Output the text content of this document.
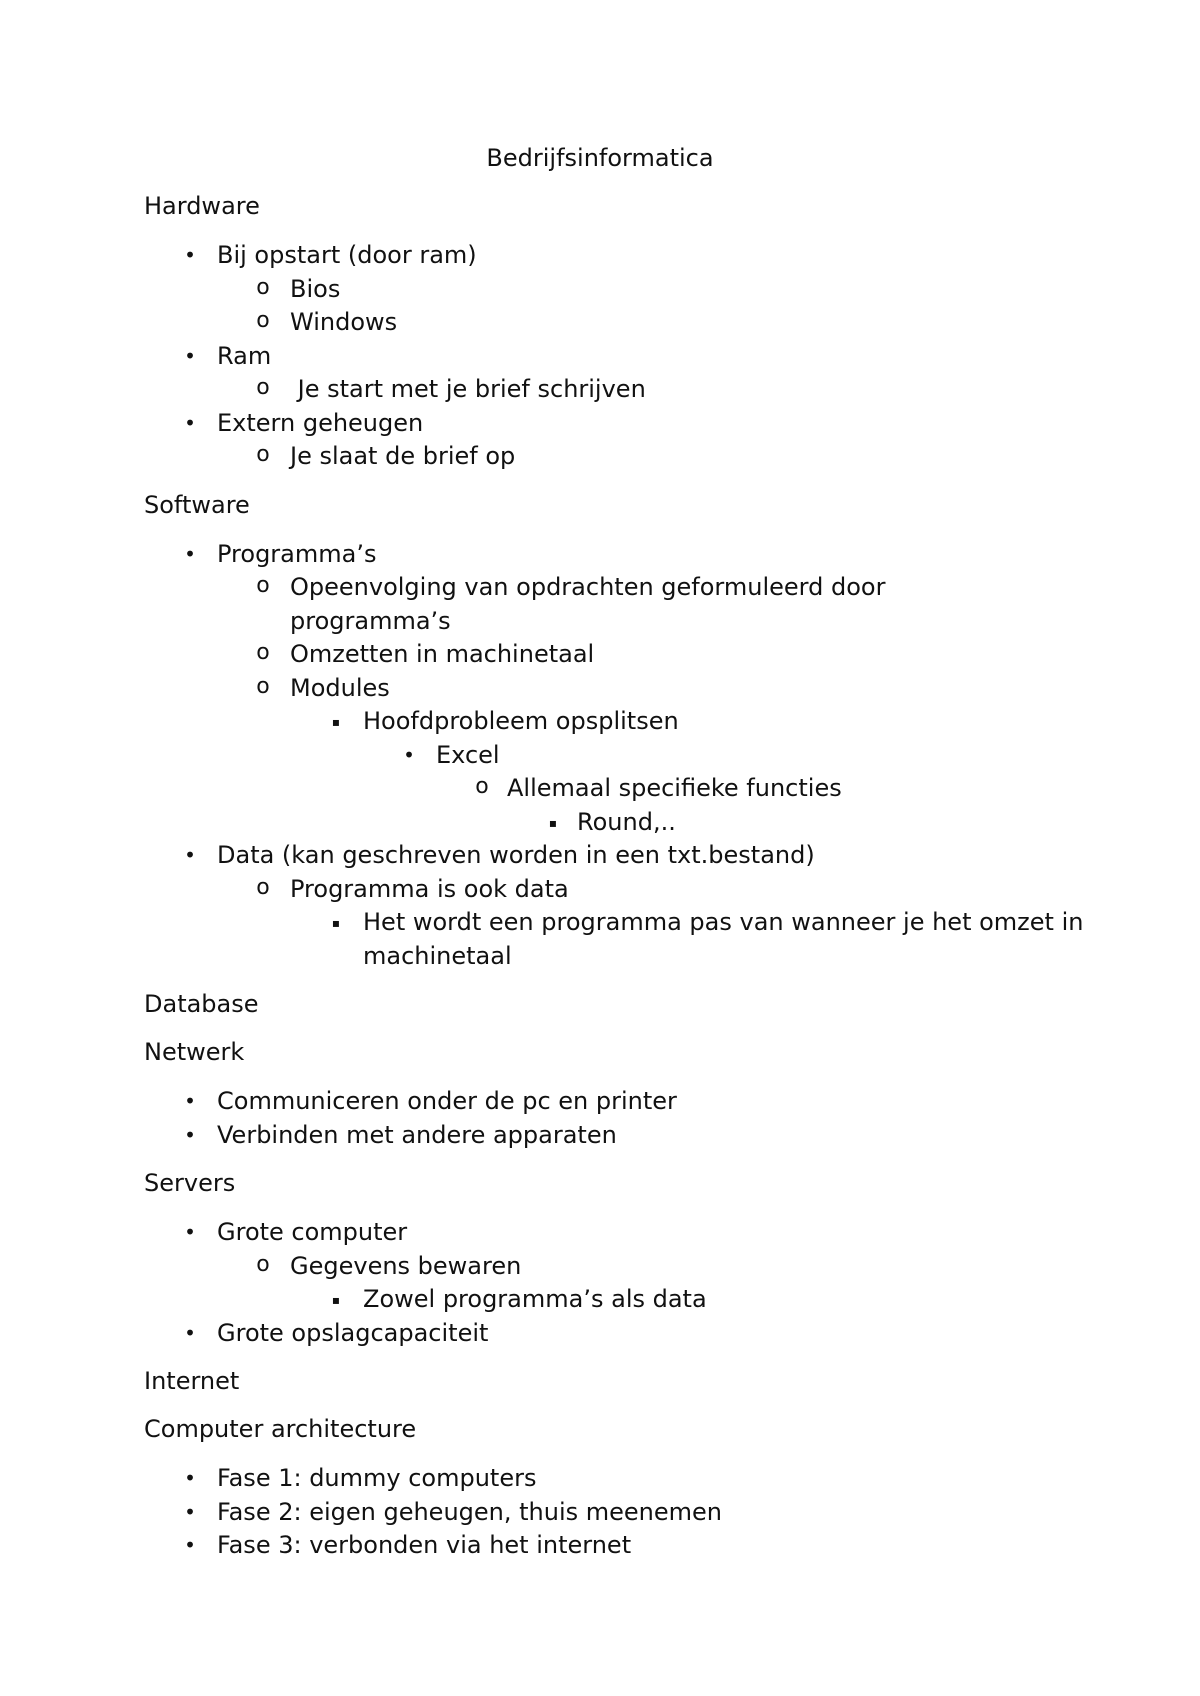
Bedrijfsinformatica

Hardware

• Bij opstart (door ram)
o Bios
o Windows
• Ram
o Je start met je brief schrijven
• Extern geheugen
o Je slaat de brief op

Software

• Programma’s
o Opeenvolging van opdrachten geformuleerd door programma’s
o Omzetten in machinetaal
o Modules
▪ Hoofdprobleem opsplitsen
• Excel
o Allemaal specifieke functies
▪ Round,..
• Data (kan geschreven worden in een txt.bestand)
o Programma is ook data
▪ Het wordt een programma pas van wanneer je het omzet in machinetaal

Database

Netwerk

• Communiceren onder de pc en printer
• Verbinden met andere apparaten

Servers

• Grote computer
o Gegevens bewaren
▪ Zowel programma’s als data
• Grote opslagcapaciteit

Internet

Computer architecture

• Fase 1: dummy computers
• Fase 2: eigen geheugen, thuis meenemen
• Fase 3: verbonden via het internet
